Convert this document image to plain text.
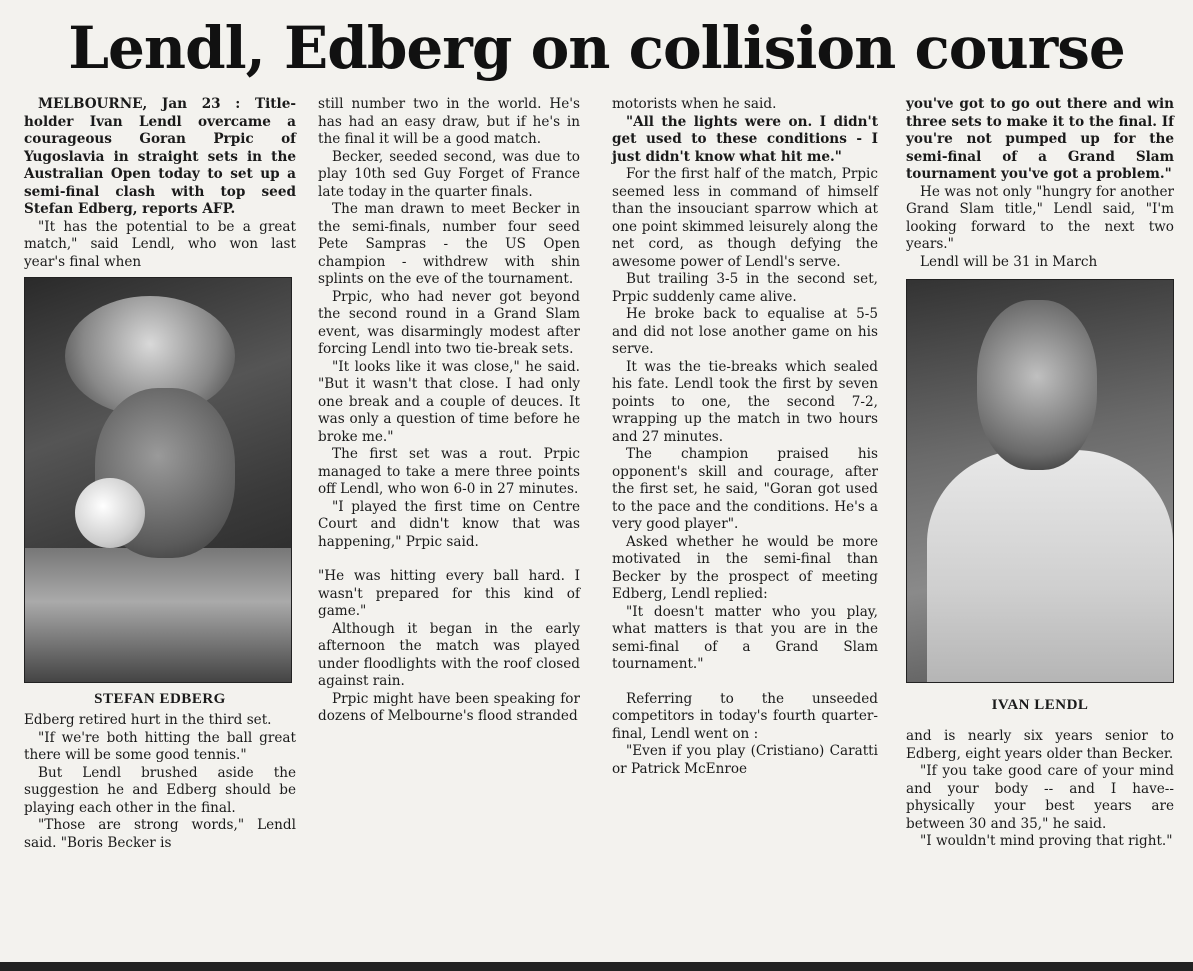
Lendl, Edberg on collision course

MELBOURNE, Jan 23 : Title-holder Ivan Lendl overcame a courageous Goran Prpic of Yugoslavia in straight sets in the Australian Open today to set up a semi-final clash with top seed Stefan Edberg, reports AFP.

"It has the potential to be a great match," said Lendl, who won last year's final when

STEFAN EDBERG

Edberg retired hurt in the third set.

"If we're both hitting the ball great there will be some good tennis."

But Lendl brushed aside the suggestion he and Edberg should be playing each other in the final.

"Those are strong words," Lendl said. "Boris Becker is

still number two in the world. He's has had an easy draw, but if he's in the final it will be a good match.

Becker, seeded second, was due to play 10th sed Guy Forget of France late today in the quarter finals.

The man drawn to meet Becker in the semi-finals, number four seed Pete Sampras - the US Open champion - withdrew with shin splints on the eve of the tournament.

Prpic, who had never got beyond the second round in a Grand Slam event, was disarmingly modest after forcing Lendl into two tie-break sets.

"It looks like it was close," he said. "But it wasn't that close. I had only one break and a couple of deuces. It was only a question of time before he broke me."

The first set was a rout. Prpic managed to take a mere three points off Lendl, who won 6-0 in 27 minutes.

"I played the first time on Centre Court and didn't know that was happening," Prpic said.

"He was hitting every ball hard. I wasn't prepared for this kind of game."

Although it began in the early afternoon the match was played under floodlights with the roof closed against rain.

Prpic might have been speaking for dozens of Melbourne's flood stranded

motorists when he said.

"All the lights were on. I didn't get used to these conditions - I just didn't know what hit me."

For the first half of the match, Prpic seemed less in command of himself than the insouciant sparrow which at one point skimmed leisurely along the net cord, as though defying the awesome power of Lendl's serve.

But trailing 3-5 in the second set, Prpic suddenly came alive.

He broke back to equalise at 5-5 and did not lose another game on his serve.

It was the tie-breaks which sealed his fate. Lendl took the first by seven points to one, the second 7-2, wrapping up the match in two hours and 27 minutes.

The champion praised his opponent's skill and courage, after the first set, he said, "Goran got used to the pace and the conditions. He's a very good player".

Asked whether he would be more motivated in the semi-final than Becker by the prospect of meeting Edberg, Lendl replied:

"It doesn't matter who you play, what matters is that you are in the semi-final of a Grand Slam tournament."

Referring to the unseeded competitors in today's fourth quarter-final, Lendl went on :

"Even if you play (Cristiano) Caratti or Patrick McEnroe

you've got to go out there and win three sets to make it to the final. If you're not pumped up for the semi-final of a Grand Slam tournament you've got a problem."

He was not only "hungry for another Grand Slam title," Lendl said, "I'm looking forward to the next two years."

Lendl will be 31 in March

IVAN LENDL

and is nearly six years senior to Edberg, eight years older than Becker.

"If you take good care of your mind and your body -- and I have-- physically your best years are between 30 and 35," he said.

"I wouldn't mind proving that right."
